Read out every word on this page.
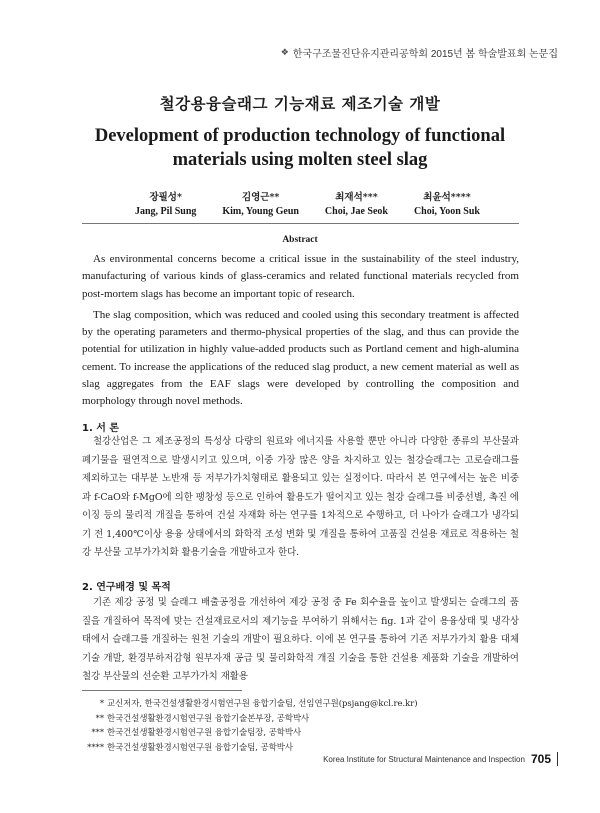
❖ 한국구조물진단유지관리공학회 2015년 봄 학술발표회 논문집
철강용융슬래그 기능재료 제조기술 개발
Development of production technology of functional
materials using molten steel slag
장필성*
Jang, Pil Sung
김영근**
Kim, Young Geun
최재석***
Choi, Jae Seok
최윤석****
Choi, Yoon Suk
Abstract

As environmental concerns become a critical issue in the sustainability of the steel industry, manufacturing of various kinds of glass-ceramics and related functional materials recycled from post-mortem slags has become an important topic of research.

The slag composition, which was reduced and cooled using this secondary treatment is affected by the operating parameters and thermo-physical properties of the slag, and thus can provide the potential for utilization in highly value-added products such as Portland cement and high-alumina cement. To increase the applications of the reduced slag product, a new cement material as well as slag aggregates from the EAF slags were developed by controlling the composition and morphology through novel methods.

1. 서 론

철강산업은 그 제조공정의 특성상 다량의 원료와 에너지를 사용할 뿐만 아니라 다양한 종류의 부산물과 폐기물을 필연적으로 발생시키고 있으며, 이중 가장 많은 양을 차지하고 있는 철강슬래그는 고로슬래그를 제외하고는 대부분 노반재 등 저부가가치형태로 활용되고 있는 실정이다. 따라서 본 연구에서는 높은 비중과 f-CaO와 f-MgO에 의한 팽창성 등으로 인하여 활용도가 떨어지고 있는 철강 슬래그를 비중선별, 촉진 에이징 등의 물리적 개질을 통하여 건설 자재화 하는 연구를 1차적으로 수행하고, 더 나아가 슬래그가 냉각되기 전 1,400℃이상 용융 상태에서의 화학적 조성 변화 및 개질을 통하여 고품질 건설용 재료로 적용하는 철강 부산물 고부가가치화 활용기술을 개발하고자 한다.

2. 연구배경 및 목적

기존 제강 공정 및 슬래그 배출공정을 개선하여 제강 공정 중 Fe 회수율을 높이고 발생되는 슬래그의 품질을 개질하여 목적에 맞는 건설재료로서의 제기능을 부여하기 위해서는 fig. 1과 같이 용융상태 및 냉각상태에서 슬래그를 개질하는 원천 기술의 개발이 필요하다. 이에 본 연구를 통하여 기존 저부가가치 활용 대체기술 개발, 환경부하저감형 원부자재 공급 및 물리화학적 개질 기술을 통한 건설용 제품화 기술을 개발하여 철강 부산물의 선순환 고부가가치 재활용

* 교신저자, 한국건설생활환경시험연구원 융합기술팀, 선임연구원(psjang@kcl.re.kr)
** 한국건설생활환경시험연구원 융합기술본부장, 공학박사
*** 한국건설생활환경시험연구원 융합기술팀장, 공학박사
**** 한국건설생활환경시험연구원 융합기술팀, 공학박사
Korea Institute for Structural Maintenance and Inspection 705
